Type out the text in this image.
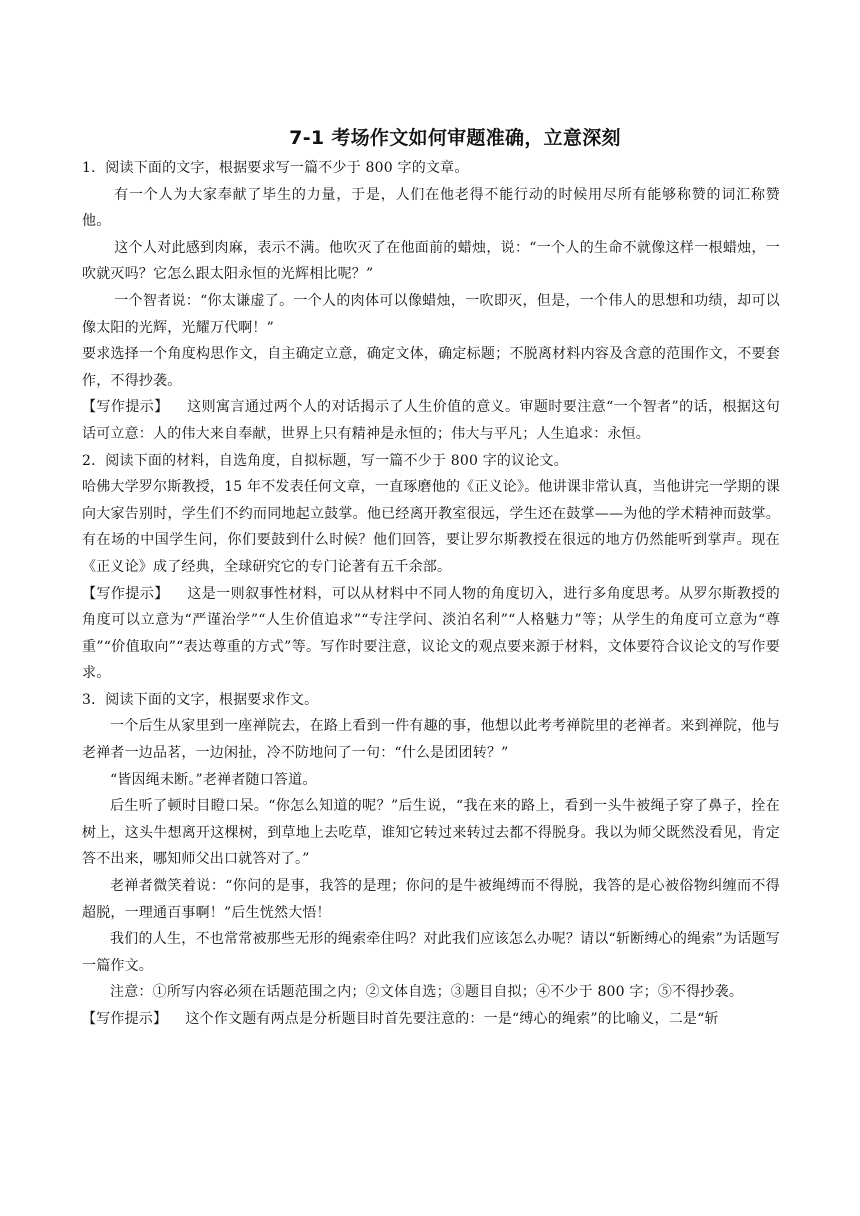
7-1 考场作文如何审题准确，立意深刻

1．阅读下面的文字，根据要求写一篇不少于 800 字的文章。

有一个人为大家奉献了毕生的力量，于是，人们在他老得不能行动的时候用尽所有能够称赞的词汇称赞他。

这个人对此感到肉麻，表示不满。他吹灭了在他面前的蜡烛，说：“一个人的生命不就像这样一根蜡烛，一吹就灭吗？它怎么跟太阳永恒的光辉相比呢？”

一个智者说：“你太谦虚了。一个人的肉体可以像蜡烛，一吹即灭，但是，一个伟人的思想和功绩，却可以像太阳的光辉，光耀万代啊！”

要求选择一个角度构思作文，自主确定立意，确定文体，确定标题；不脱离材料内容及含意的范围作文，不要套作，不得抄袭。

【写作提示】 这则寓言通过两个人的对话揭示了人生价值的意义。审题时要注意“一个智者”的话，根据这句话可立意：人的伟大来自奉献，世界上只有精神是永恒的；伟大与平凡；人生追求：永恒。

2．阅读下面的材料，自选角度，自拟标题，写一篇不少于 800 字的议论文。

哈佛大学罗尔斯教授，15 年不发表任何文章，一直琢磨他的《正义论》。他讲课非常认真，当他讲完一学期的课向大家告别时，学生们不约而同地起立鼓掌。他已经离开教室很远，学生还在鼓掌——为他的学术精神而鼓掌。有在场的中国学生问，你们要鼓到什么时候？他们回答，要让罗尔斯教授在很远的地方仍然能听到掌声。现在《正义论》成了经典，全球研究它的专门论著有五千余部。

【写作提示】 这是一则叙事性材料，可以从材料中不同人物的角度切入，进行多角度思考。从罗尔斯教授的角度可以立意为“严谨治学”“人生价值追求”“专注学问、淡泊名利”“人格魅力”等；从学生的角度可立意为“尊重”“价值取向”“表达尊重的方式”等。写作时要注意，议论文的观点要来源于材料，文体要符合议论文的写作要求。

3．阅读下面的文字，根据要求作文。

一个后生从家里到一座禅院去，在路上看到一件有趣的事，他想以此考考禅院里的老禅者。来到禅院，他与老禅者一边品茗，一边闲扯，冷不防地问了一句：“什么是团团转？”

“皆因绳未断。”老禅者随口答道。

后生听了顿时目瞪口呆。“你怎么知道的呢？”后生说，“我在来的路上，看到一头牛被绳子穿了鼻子，拴在树上，这头牛想离开这棵树，到草地上去吃草，谁知它转过来转过去都不得脱身。我以为师父既然没看见，肯定答不出来，哪知师父出口就答对了。”

老禅者微笑着说：“你问的是事，我答的是理；你问的是牛被绳缚而不得脱，我答的是心被俗物纠缠而不得超脱，一理通百事啊！”后生恍然大悟！

我们的人生，不也常常被那些无形的绳索牵住吗？对此我们应该怎么办呢？请以“斩断缚心的绳索”为话题写一篇作文。

注意：①所写内容必须在话题范围之内；②文体自选；③题目自拟；④不少于 800 字；⑤不得抄袭。

【写作提示】 这个作文题有两点是分析题目时首先要注意的：一是“缚心的绳索”的比喻义，二是“斩
